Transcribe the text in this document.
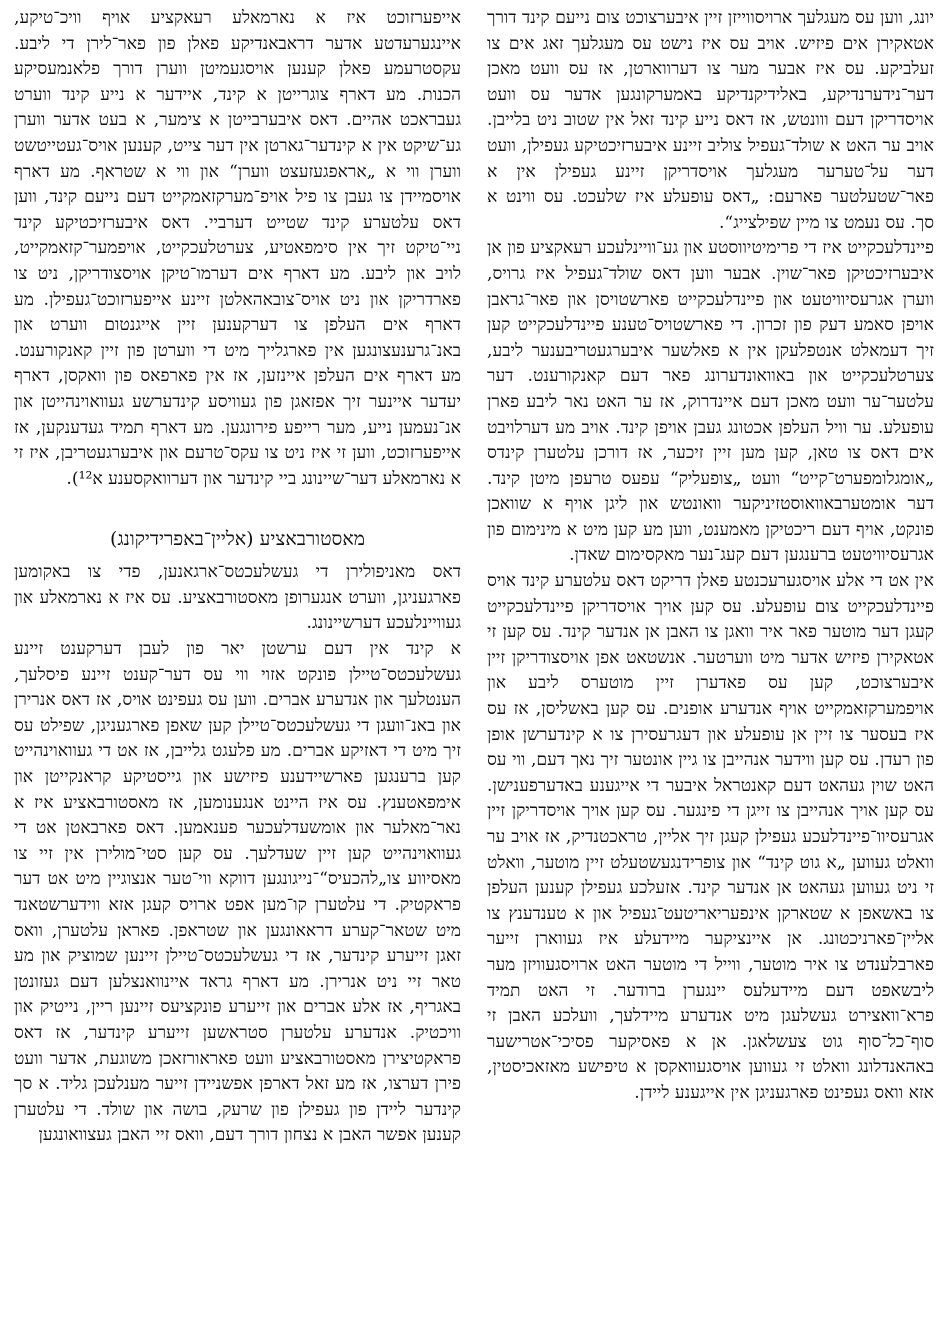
יונג, ווען עס מעגלעך ארויסווייזן זיין איבערצוכט צום נייעם קינד דורך אטאקירן אים פיזיש. אויב עס איז נישט עס מעגלעך זאג אים צו זעלביקע. עס איז אבער מער צו דערווארטן, אז עס וועט מאכן דער־נידערנדיקע, באלידיקנדיקע באמערקונגען אדער עס וועט אויסדריקן דעם ווונטש, אז דאס נייע קינד זאל אין שטוב ניט בלייבן. אויב ער האט א שולד־געפיל צוליב זיינע איבערזיכטיקע געפילן, וועט דער על־טערער מעגלעך אויסדריקן זיינע געפילן אין א פאר־שטעלטער פארעם: „דאס עופעלע איז שלעכט. עס ווינט א סך. עס נעמט צו מיין שפילצייג“.

פיינדלעכקייט איז די פרימיטיווסטע און גע־וויינלעכע רעאקציע פון אן איבערזיכטיקן פאר־שוין. אבער ווען דאס שולד־געפיל איז גרויס, ווערן אגרעסיוויטעט און פיינדלעכקייט פארשטויסן און פאר־גראבן אויפן סאמע דעק פון זכרון. די פארשטויס־טענע פיינדלעכקייט קען זיך דעמאלט אנטפלעקן אין א פאלשער איבערגעטריבענער ליבע, צערטלעכקייט און באוואונדערונג פאר דעם קאנקורענט. דער עלטער־ער וועט מאכן דעם איינדרוק, אז ער האט נאר ליבע פארן עופעלע. ער וויל העלפן אכטונג געבן אויפן קינד. אויב מע דערלויבט אים דאס צו טאן, קען מען זיין זיכער, אז דורכן עלטערן קינדס „אומגלומפערט־קייט“ וועט „צופעליק“ עפעס טרעפן מיטן קינד. דער אומטערבאוואוסטזיניקער וואונטש און ליגן אויף א שוואכן פונקט, אויף דעם ריכטיקן מאמענט, ווען מע קען מיט א מינימום פון אגרעסיוויטעט ברענגען דעם קעג־נער מאקסימום שאדן.

אין אט די אלע אויסגערעכנטע פאלן דריקט דאס עלטערע קינד אויס פיינדלעכקייט צום עופעלע. עס קען אויך אויסדריקן פיינדלעכקייט קעגן דער מוטער פאר איר וואגן צו האבן אן אנדער קינד. עס קען זי אטאקירן פיזיש אדער מיט ווערטער. אנשטאט אפן אויסצודריקן זיין איבערצוכט, קען עס פאדערן זיין מוטערס ליבע און אויפמערקזאמקייט אויף אנדערע אופנים. עס קען באשליסן, אז עס איז בעסער צו זיין אן עופעלע און דעגרעסירן צו א קינדערשן אופן פון רעדן. עס קען ווידער אנהייבן צו גיין אונטער זיך נאך דעם, ווי עס האט שוין געהאט דעם קאנטראל איבער די אייגענע באדערפענישן. עס קען אויך אנהייבן צו זייגן די פינגער. עס קען אויך אויסדריקן זיין אגרעסיוו־פיינדלעכע געפילן קעגן זיך אליין, טראכטנדיק, אז אויב ער וואלט געווען „א גוט קינד“ און צופרידנגעשטעלט זיין מוטער, וואלט זי ניט געווען געהאט אן אנדער קינד. אזעלכע געפילן קענען העלפן צו באשאפן א שטארקן אינפעריאריטעט־געפיל און א טענדענץ צו אליין־פארניכטונג. אן איינציקער מיידעלע איז געווארן זייער פארבלענדט צו איר מוטער, ווייל די מוטער האט ארויסגעוויזן מער ליבשאפט דעם מיידעלעס יינגערן ברודער. זי האט תמיד פרא־וואצירט געשלעגן מיט אנדערע מיידלעך, וועלכע האבן זי סוף־כל־סוף גוט צעשלאגן. אן א פאסיקער פסיכי־אטרישער באהאנדלונג וואלט זי געווען אויסגעוואקסן א טיפישע מאזאכיסטין, אזא וואס געפינט פארגעניגן אין אייגענע ליידן.

אייפערזוכט איז א נארמאלע רעאקציע אויף וויכ־טיקע, איינגערעדטע אדער דראבאנדיקע פאלן פון פאר־לירן די ליבע. עקסטרעמע פאלן קענען אויסגעמיטן ווערן דורך פלאנמעסיקע הכנות. מע דארף צוגרייטן א קינד, איידער א נייע קינד ווערט געבראכט אהיים. דאס איבערבייטן א צימער, א בעט אדער ווערן גע־שיקט אין א קינדער־גארטן אין דער צייט, קענען אויס־געטייטשט ווערן ווי א „אראפגעזעצט ווערן“ און ווי א שטראף. מע דארף אויסמיידן צו געבן צו פיל אויפ־מערקזאמקייט דעם נייעם קינד, ווען דאס עלטערע קינד שטייט דערביי. דאס איבערזיכטיקע קינד ניי־טיקט זיך אין סימפאטיע, צערטלעכקייט, אויפמער־קזאמקייט, לויב און ליבע. מע דארף אים דערמו־טיקן אויסצודריקן, ניט צו פארדריקן און ניט אויס־צובאהאלטן זיינע אייפערזוכט־געפילן. מע דארף אים העלפן צו דערקענען זיין אייגנטום ווערט און באנ־גרענעצונגען אין פארגלייך מיט די ווערטן פון זיין קאנקורענט. מע דארף אים העלפן איינזען, אז אין פארפאס פון וואקסן, דארף יעדער איינער זיך אפזאגן פון געוויסע קינדערשע געוואוינהייטן און אנ־נעמען נייע, מער רייפע פירונגען. מע דארף תמיד געדענקען, אז אייפערזוכט, ווען זי איז ניט צו עקס־טרעם און איבערגעטריבן, איז זי א נארמאלע דער־שיינונג ביי קינדער און דערוואקסענע א¹²).

מאסטורבאציע (אליין־באפרידיקונג)

דאס מאניפולירן די געשלעכטס־ארגאנען, פדי צו באקומען פארגעניגן, ווערט אנגערופן מאסטורבאציע. עס איז א נארמאלע און געוויינלעכע דערשיינונג.

א קינד אין דעם ערשטן יאר פון לעבן דערקענט זיינע געשלעכטס־טיילן פונקט אזוי ווי עס דער־קענט זיינע פיסלעך, הענטלעך און אנדערע אברים. ווען עס געפינט אויס, אז דאס אנרירן און באנ־וועגן די געשלעכטס־טיילן קען שאפן פארגעניגן, שפילט עס זיך מיט די דאזיקע אברים. מע פלעגט גלייבן, אז אט די געוואוינהייט קען ברענגען פארשיידענע פיזישע און גייסטיקע קראנקייטן און אימפאטענץ. עס איז היינט אנגענומען, אז מאסטורבאציע איז א נאר־מאלער און אומשעדלעכער פענאמען. דאס פארבאטן אט די געוואוינהייט קען זיין שעדלעך. עס קען סטי־מולירן אין זיי צו מאסיווע צו„להכעיס“־נייגונגען דווקא ווי־טער אנצוגיין מיט אט דער פראקטיק. די עלטערן קו־מען אפט ארויס קעגן אזא ווידערשטאנד מיט שטאר־קערע דראאונגען און שטראפן. פאראן עלטערן, וואס זאגן זייערע קינדער, אז די געשלעכטס־טיילן זיינען שמוציק און מע טאר זיי ניט אנרירן. מע דארף גראד איינוואנצלען דעם געזונטן באגריף, אז אלע אברים און זייערע פונקציעס זיינען ריין, נייטיק און וויכטיק. אנדערע עלטערן סטראשען זייערע קינדער, אז דאס פראקטיצירן מאסטורבאציע וועט פאראורזאכן משוגעת, אדער וועט פירן דערצו, אז מע זאל דארפן אפשניידן זייער מענלעכן גליד. א סך קינדער ליידן פון געפילן פון שרעק, בושה און שולד. די עלטערן קענען אפשר האבן א נצחון דורך דעם, וואס זיי האבן געצוואונגען
